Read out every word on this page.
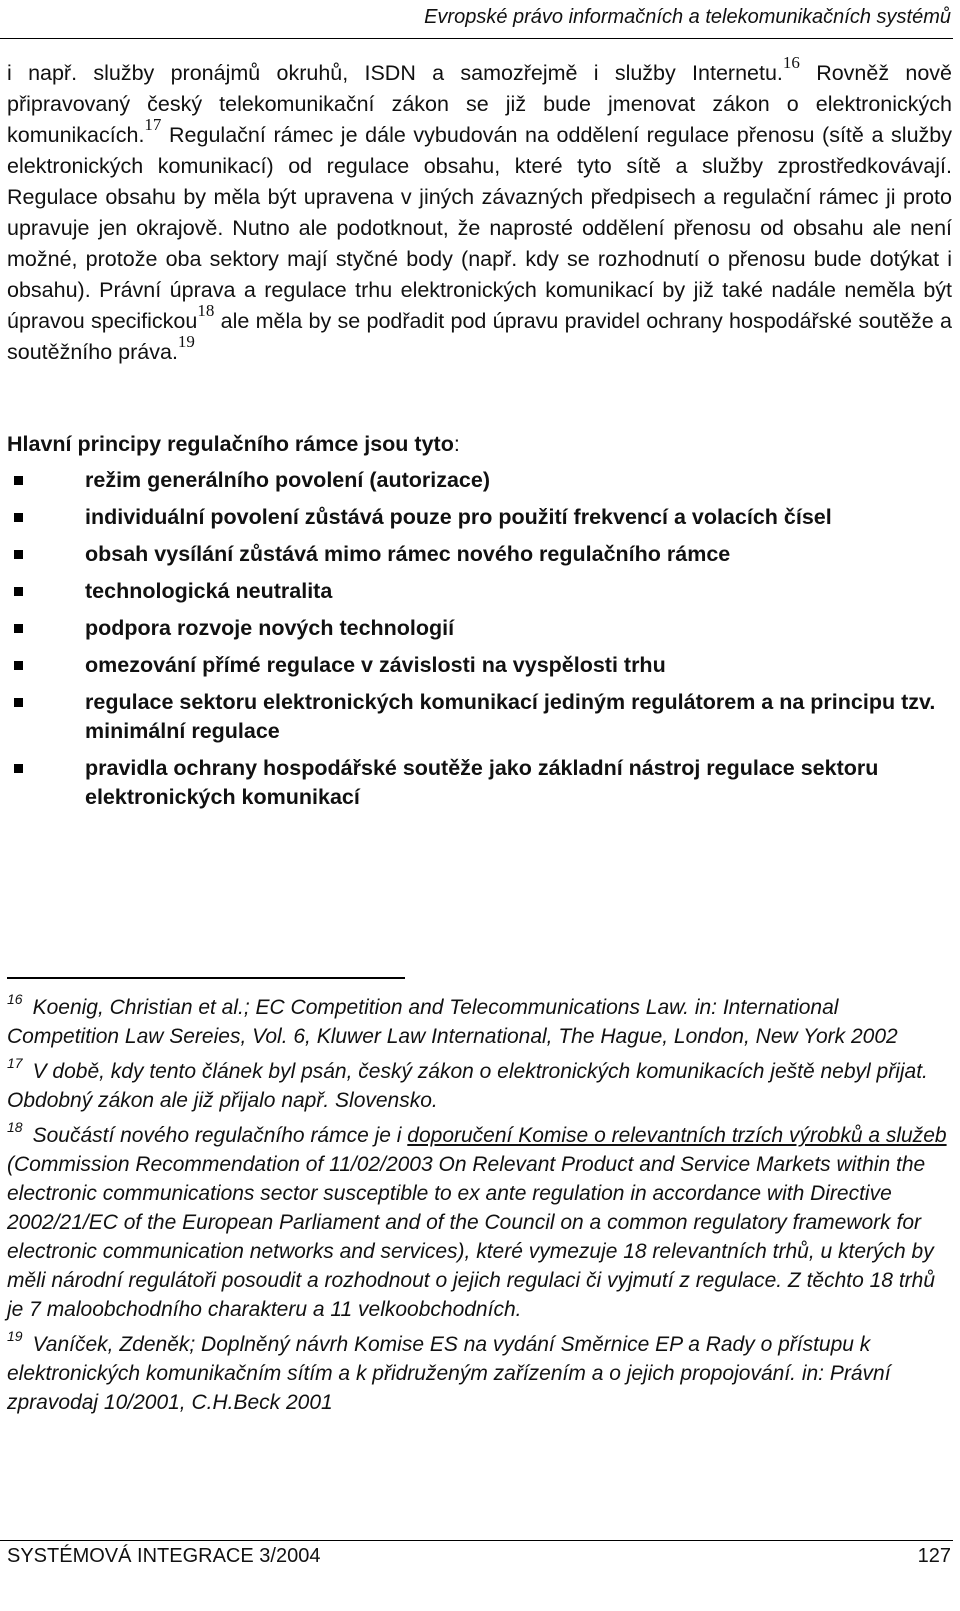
Evropské právo informačních a telekomunikačních systémů
i např. služby pronájmů okruhů, ISDN a samozřejmě i služby Internetu.$^{16}$ Rovněž nově připravovaný český telekomunikační zákon se již bude jmenovat zákon o elektronických komunikacích.$^{17}$ Regulační rámec je dále vybudován na oddělení regulace přenosu (sítě a služby elektronických komunikací) od regulace obsahu, které tyto sítě a služby zprostředkovávají. Regulace obsahu by měla být upravena v jiných závazných předpisech a regulační rámec ji proto upravuje jen okrajově. Nutno ale podotknout, že naprosté oddělení přenosu od obsahu ale není možné, protože oba sektory mají styčné body (např. kdy se rozhodnutí o přenosu bude dotýkat i obsahu). Právní úprava a regulace trhu elektronických komunikací by již také nadále neměla být úpravou specifickou$^{18}$ ale měla by se podřadit pod úpravu pravidel ochrany hospodářské soutěže a soutěžního práva.$^{19}$
Hlavní principy regulačního rámce jsou tyto:
režim generálního povolení (autorizace)
individuální povolení zůstává pouze pro použití frekvencí a volacích čísel
obsah vysílání zůstává mimo rámec nového regulačního rámce
technologická neutralita
podpora rozvoje nových technologií
omezování přímé regulace v závislosti na vyspělosti trhu
regulace sektoru elektronických komunikací jediným regulátorem a na principu tzv. minimální regulace
pravidla ochrany hospodářské soutěže jako základní nástroj regulace sektoru elektronických komunikací
$^{16}$ Koenig, Christian et al.; EC Competition and Telecommunications Law. in: International Competition Law Sereies, Vol. 6, Kluwer Law International, The Hague, London, New York 2002
$^{17}$ V době, kdy tento článek byl psán, český zákon o elektronických komunikacích ještě nebyl přijat. Obdobný zákon ale již přijalo např. Slovensko.
$^{18}$ Součástí nového regulačního rámce je i doporučení Komise o relevantních trzích výrobků a služeb (Commission Recommendation of 11/02/2003 On Relevant Product and Service Markets within the electronic communications sector susceptible to ex ante regulation in accordance with Directive 2002/21/EC of the European Parliament and of the Council on a common regulatory framework for electronic communication networks and services), které vymezuje 18 relevantních trhů, u kterých by měli národní regulátoři posoudit a rozhodnout o jejich regulaci či vyjmutí z regulace. Z těchto 18 trhů je 7 maloobchodního charakteru a 11 velkoobchodních.
$^{19}$ Vaníček, Zdeněk; Doplněný návrh Komise ES na vydání Směrnice EP a Rady o přístupu k elektronických komunikačním sítím a k přidruženým zařízením a o jejich propojování. in: Právní zpravodaj 10/2001, C.H.Beck 2001
SYSTÉMOVÁ INTEGRACE 3/2004	127
